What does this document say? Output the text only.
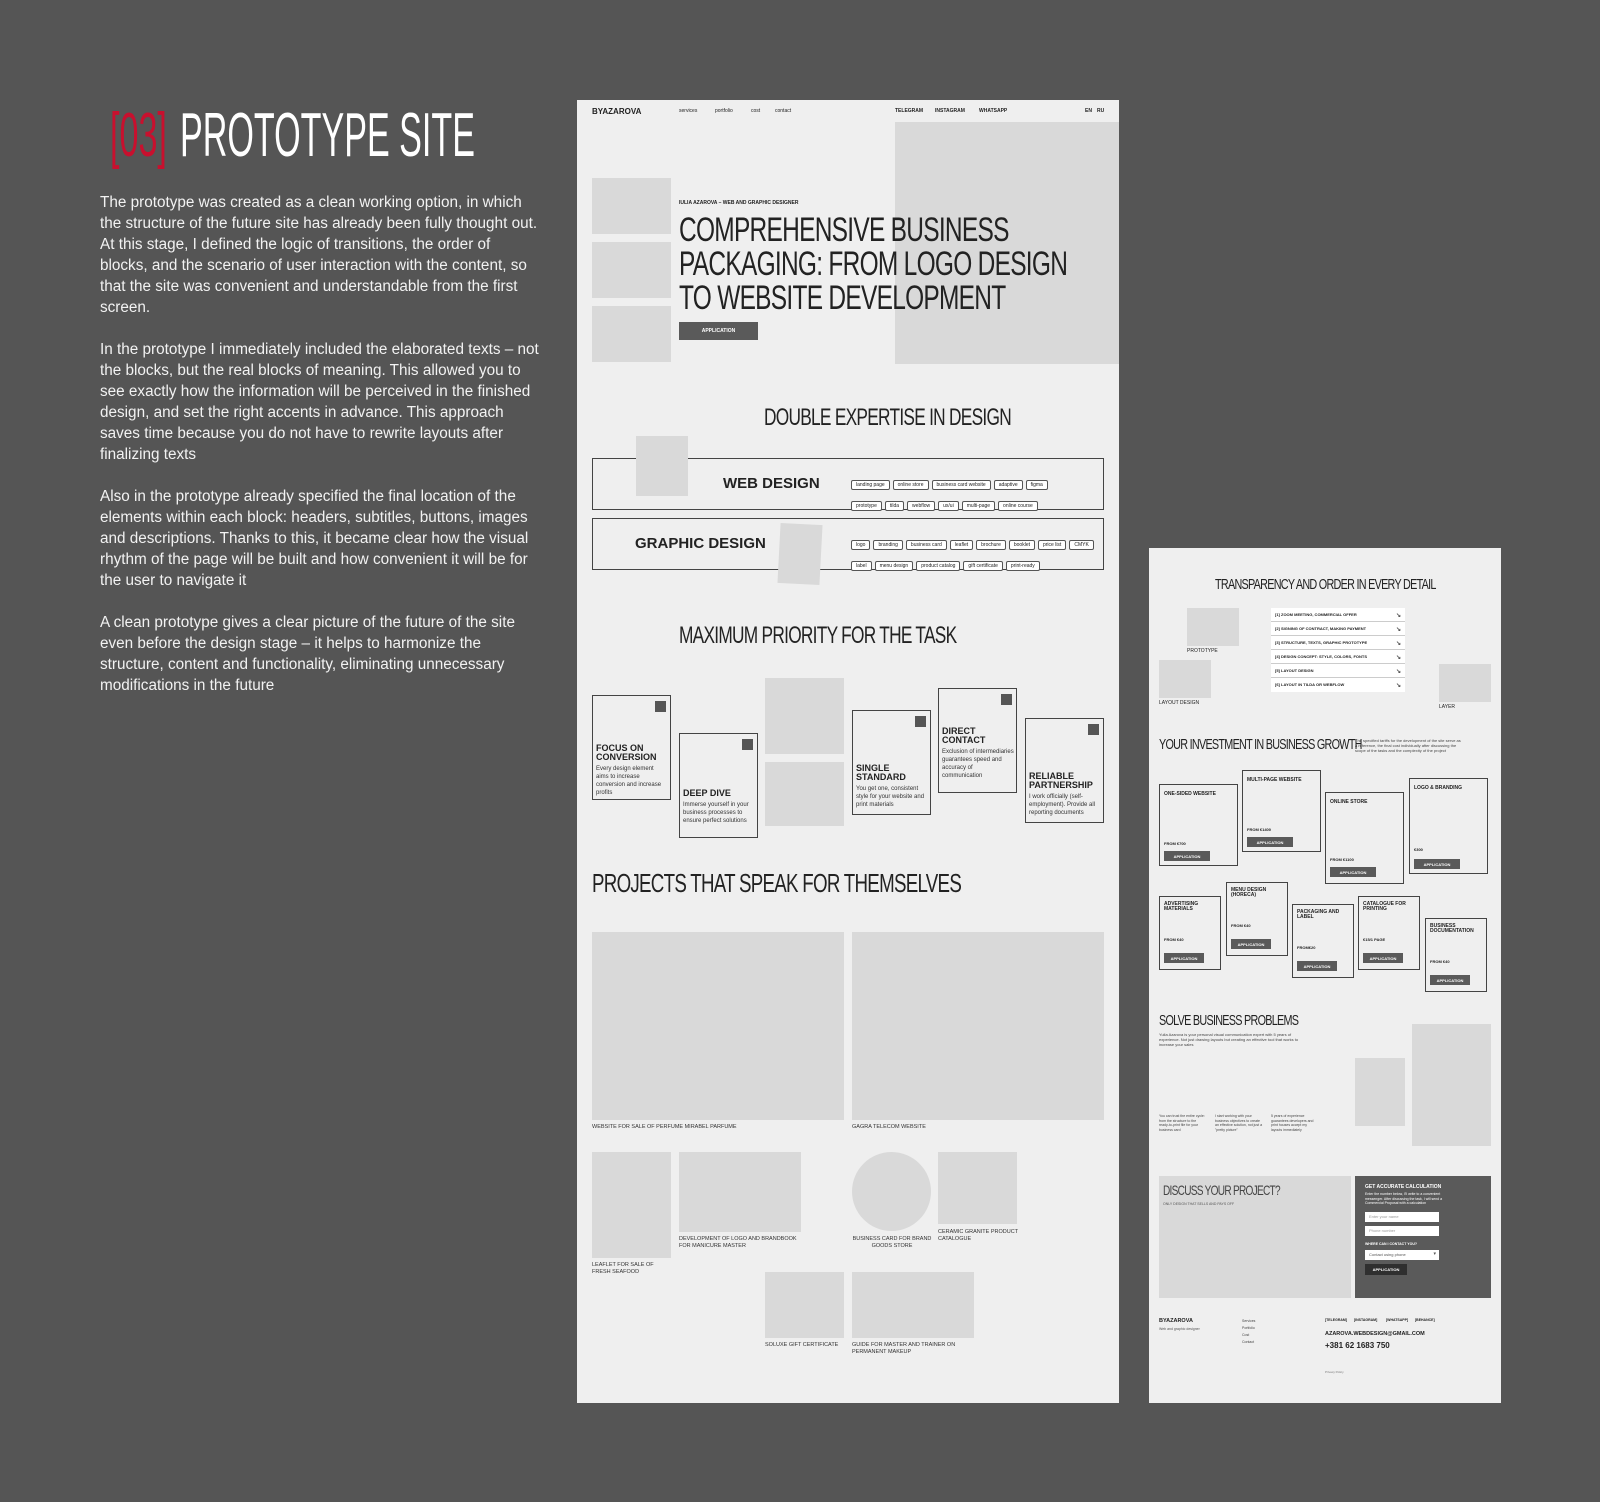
[03] PROTOTYPE SITE

The prototype was created as a clean working option, in which the structure of the future site has already been fully thought out. At this stage, I defined the logic of transitions, the order of blocks, and the scenario of user interaction with the content, so that the site was convenient and understandable from the first screen.

In the prototype I immediately included the elaborated texts – not the blocks, but the real blocks of meaning. This allowed you to see exactly how the information will be perceived in the finished design, and set the right accents in advance. This approach saves time because you do not have to rewrite layouts after finalizing texts

Also in the prototype already specified the final location of the elements within each block: headers, subtitles, buttons, images and descriptions. Thanks to this, it became clear how the visual rhythm of the page will be built and how convenient it will be for the user to navigate it

A clean prototype gives a clear picture of the future of the site even before the design stage – it helps to harmonize the structure, content and functionality, eliminating unnecessary modifications in the future

BYAZAROVA	services	portfolio	cost	contact	TELEGRAM INSTAGRAM	WHATSAPP	EN RU
IULIA AZAROVA – WEB AND GRAPHIC DESIGNER
COMPREHENSIVE BUSINESS
PACKAGING: FROM LOGO DESIGN
TO WEBSITE DEVELOPMENT
APPLICATION
DOUBLE EXPERTISE IN DESIGN
WEB DESIGN	landing page	online store	business card website	adaptive	figma
prototype	tilda	webflow	ux/ui	multi-page	online course
GRAPHIC DESIGN	logo	branding	business card	leaflet	brochure	booklet	price list	CMYK
label	menu design	product catalog	gift certificate	print-ready
MAXIMUM PRIORITY FOR THE TASK
FOCUS ON CONVERSION
Every design element aims to increase conversion and increase profits	DEEP DIVE
Immerse yourself in your business processes to ensure perfect solutions
SINGLE STANDARD
You get one, consistent style for your website and print materials
DIRECT CONTACT
Exclusion of intermediaries guarantees speed and accuracy of communication	RELIABLE PARTNERSHIP
I work officially (self-employment). Provide all reporting documents
PROJECTS THAT SPEAK FOR THEMSELVES
WEBSITE FOR SALE OF PERFUME MIRABEL PARFUME	GAGRA TELECOM WEBSITE
LEAFLET FOR SALE OF FRESH SEAFOOD
DEVELOPMENT OF LOGO AND BRANDBOOK FOR MANICURE MASTER
BUSINESS CARD FOR BRAND GOODS STORE
CERAMIC GRANITE PRODUCT CATALOGUE
SOLUXE GIFT CERTIFICATE GUIDE FOR MASTER AND TRAINER ON PERMANENT MAKEUP
TRANSPARENCY AND ORDER IN EVERY DETAIL
PROTOTYPE
LAYOUT DESIGN
LAYER
[1] ZOOM MEETING, COMMERCIAL OFFER	↘
[2] SIGNING OF CONTRACT, MAKING PAYMENT	↘
[3] STRUCTURE, TEXTS, GRAPHIC PROTOTYPE	↘
[4] DESIGN CONCEPT: STYLE, COLORS, FONTS	↘
[5] LAYOUT DESIGN	↘
[6] LAYOUT IN TILDA OR WEBFLOW	↘
YOUR INVESTMENT IN BUSINESS GROWTH
The specified tariffs for the development of the site serve as a reference, the final cost individually after discussing the scope of the tasks and the complexity of the project
ONE-SIDED WEBSITE
FROM €700
APPLICATION
MULTI-PAGE WEBSITE
FROM €1400
APPLICATION
ONLINE STORE
FROM €1100
APPLICATION
LOGO & BRANDING
€300
APPLICATION
ADVERTISING MATERIALS
FROM €40
APPLICATION
MENU DESIGN (HORECA)
FROM €40
APPLICATION
PACKAGING AND LABEL
FROM€20
APPLICATION
CATALOGUE FOR PRINTING
€15/1 PAGE
APPLICATION
BUSINESS DOCUMENTATION
FROM €40
APPLICATION
SOLVE BUSINESS PROBLEMS
Yulia Azarova is your personal visual communication expert with 5 years of experience. Not just drawing layouts but creating an effective tool that works to increase your sales
You can trust the entire cycle: from the structure to the ready-to-print file for your business card
I start working with your business objectives to create an effective solution, not just a "pretty picture"
5 years of experience guarantees developers and print houses accept my layouts immediately
DISCUSS YOUR PROJECT?
ONLY DESIGN THAT SELLS AND PAYS OFF
GET ACCURATE CALCULATION
Enter the number below, I'll write to a convenient messenger. After discussing the task, I will send a Commercial Proposal with a calculation
Enter your name
Phone number
WHERE CAN I CONTACT YOU?
Contact using phone	▾
APPLICATION
BYAZAROVA
Web and graphic designer
Services
Portfolio
Cost
Contact
[TELEGRAM] [INSTAGRAM] [WHATSAPP] [BEHANCE]
AZAROVA.WEBDESIGN@GMAIL.COM
+381 62 1683 750
Privacy Policy
